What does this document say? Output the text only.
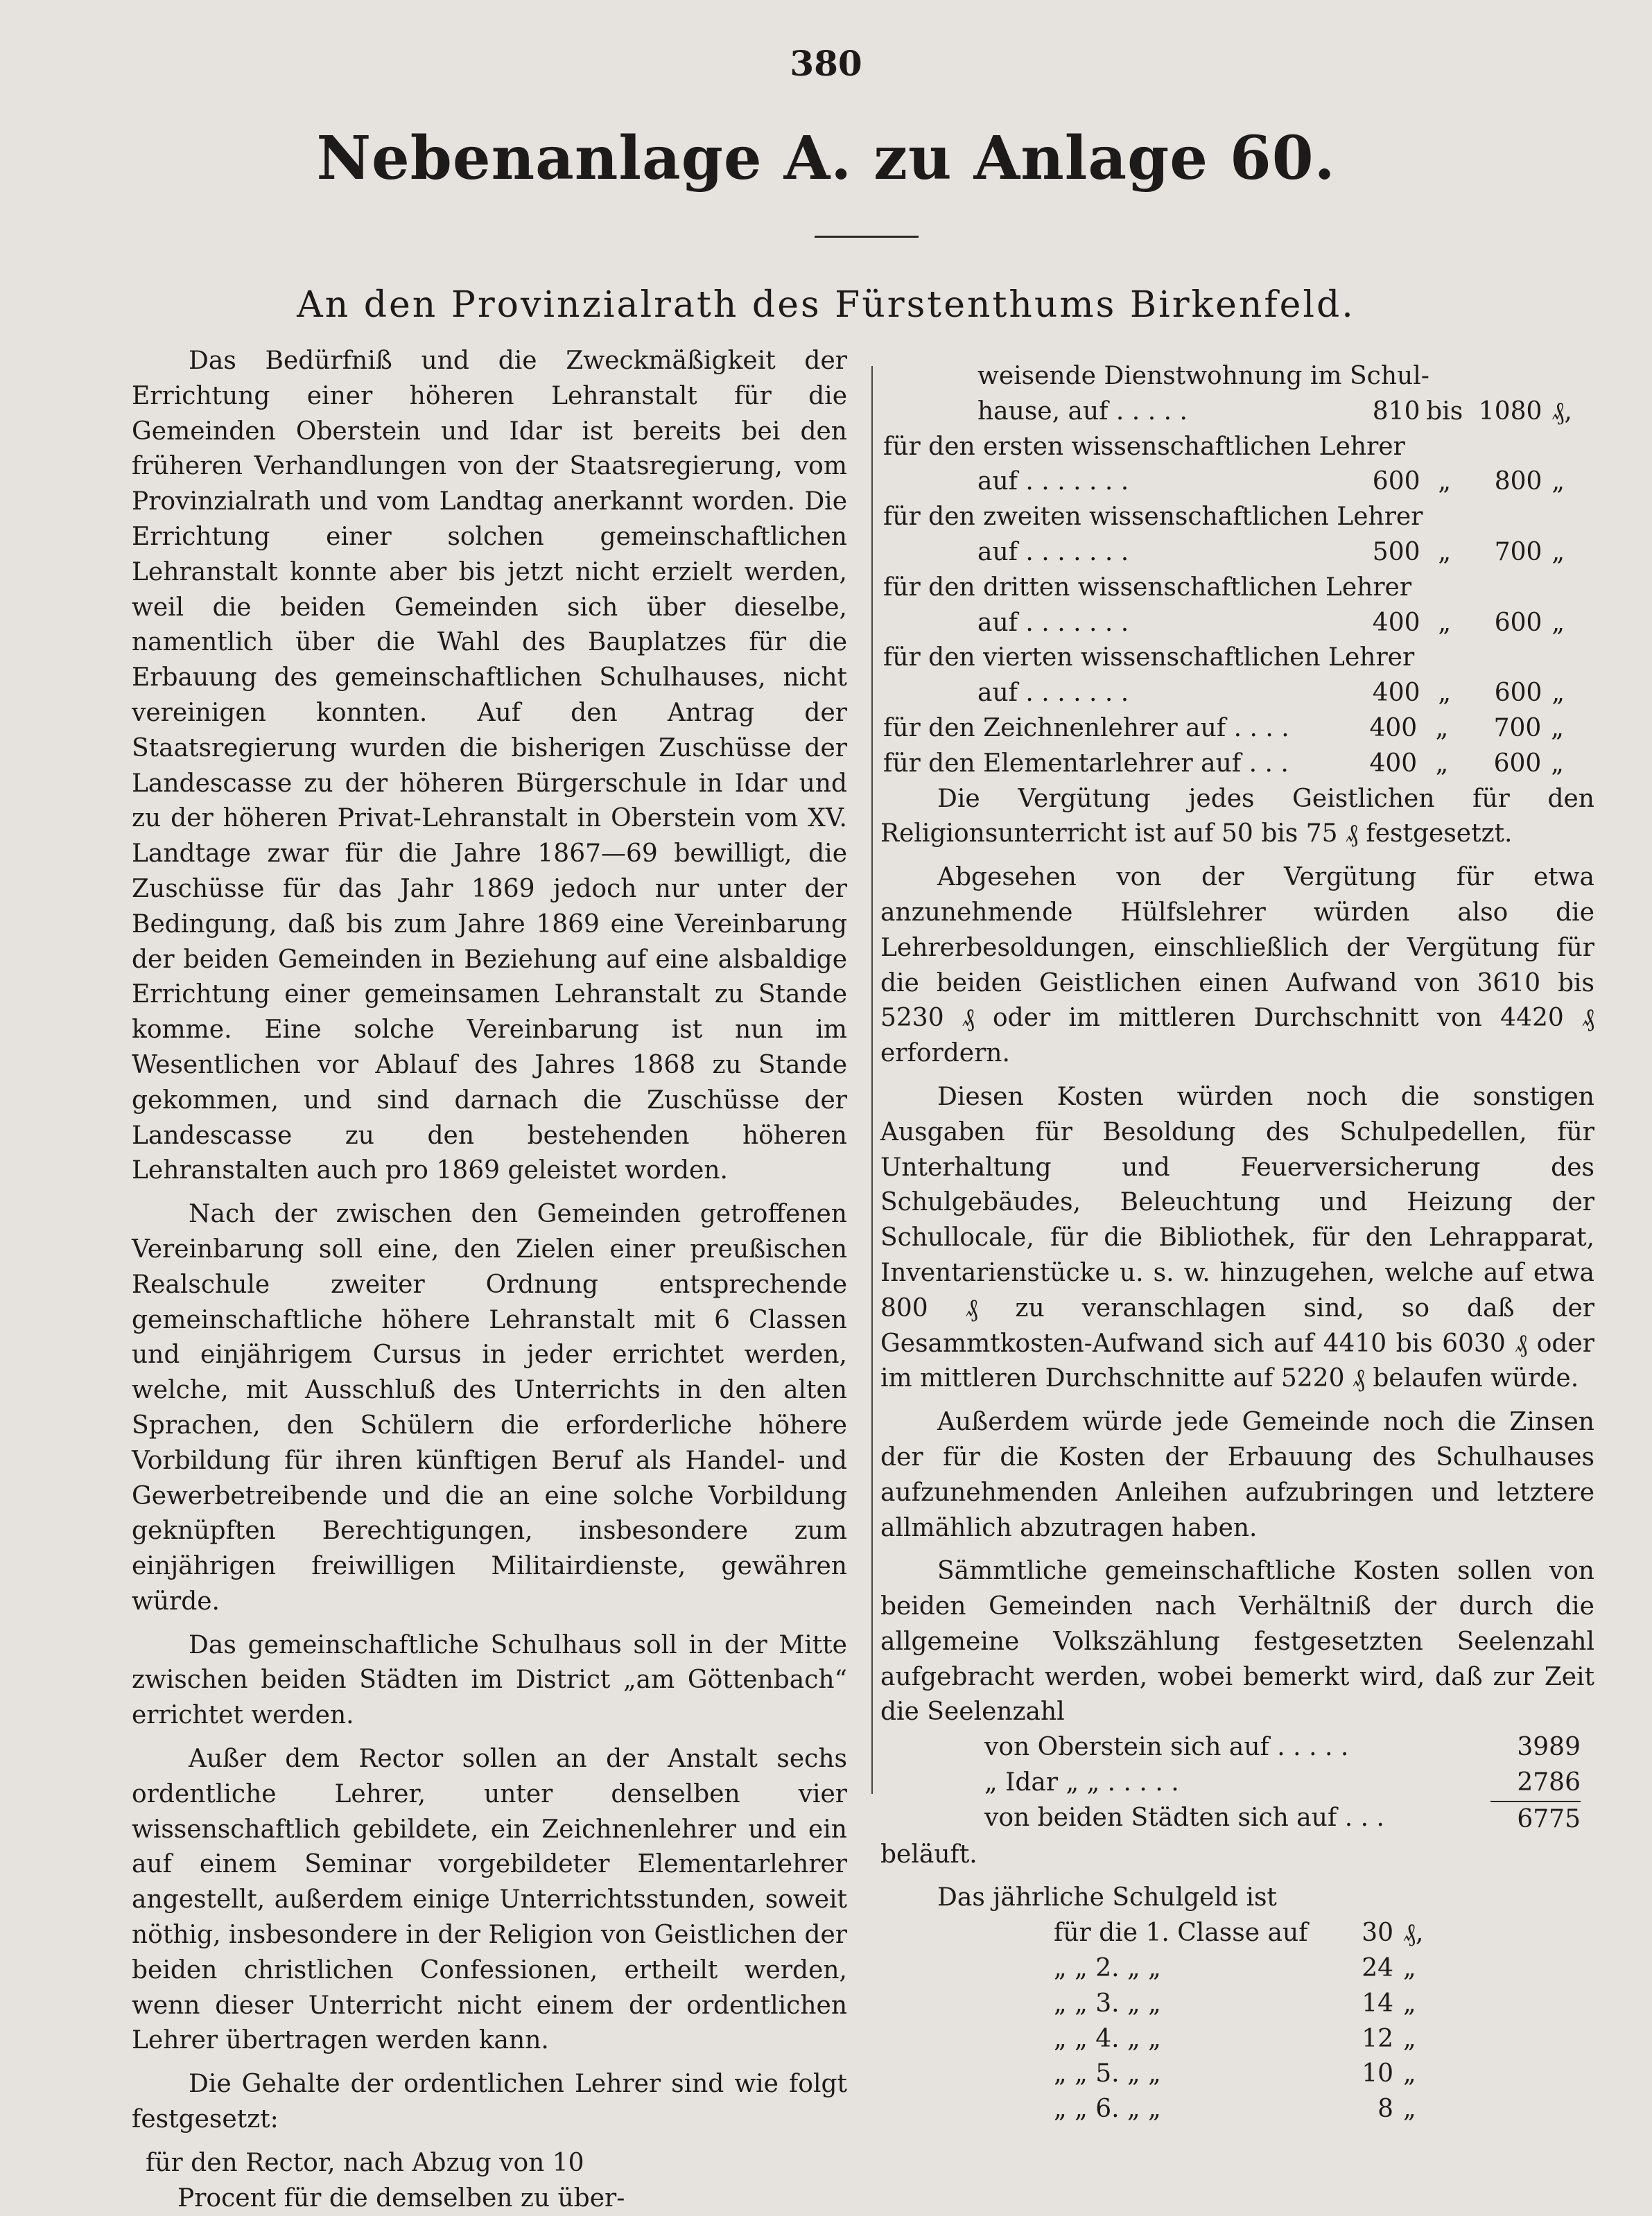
380
Nebenanlage A. zu Anlage 60.
An den Provinzialrath des Fürstenthums Birkenfeld.

Das Bedürfniß und die Zweckmäßigkeit der Errichtung einer höheren Lehranstalt für die Gemeinden Oberstein und Idar ist bereits bei den früheren Verhandlungen von der Staatsregierung, vom Provinzialrath und vom Landtag anerkannt worden. Die Errichtung einer solchen gemeinschaftlichen Lehranstalt konnte aber bis jetzt nicht erzielt werden, weil die beiden Gemeinden sich über dieselbe, namentlich über die Wahl des Bauplatzes für die Erbauung des gemeinschaftlichen Schulhauses, nicht vereinigen konnten. Auf den Antrag der Staatsregierung wurden die bisherigen Zuschüsse der Landescasse zu der höheren Bürgerschule in Idar und zu der höheren Privat-Lehranstalt in Oberstein vom XV. Landtage zwar für die Jahre 1867—69 bewilligt, die Zuschüsse für das Jahr 1869 jedoch nur unter der Bedingung, daß bis zum Jahre 1869 eine Vereinbarung der beiden Gemeinden in Beziehung auf eine alsbaldige Errichtung einer gemeinsamen Lehranstalt zu Stande komme. Eine solche Vereinbarung ist nun im Wesentlichen vor Ablauf des Jahres 1868 zu Stande gekommen, und sind darnach die Zuschüsse der Landescasse zu den bestehenden höheren Lehranstalten auch pro 1869 geleistet worden.

Nach der zwischen den Gemeinden getroffenen Vereinbarung soll eine, den Zielen einer preußischen Realschule zweiter Ordnung entsprechende gemeinschaftliche höhere Lehranstalt mit 6 Classen und einjährigem Cursus in jeder errichtet werden, welche, mit Ausschluß des Unterrichts in den alten Sprachen, den Schülern die erforderliche höhere Vorbildung für ihren künftigen Beruf als Handel- und Gewerbetreibende und die an eine solche Vorbildung geknüpften Berechtigungen, insbesondere zum einjährigen freiwilligen Militairdienste, gewähren würde.

Das gemeinschaftliche Schulhaus soll in der Mitte zwischen beiden Städten im District „am Göttenbach“ errichtet werden.

Außer dem Rector sollen an der Anstalt sechs ordentliche Lehrer, unter denselben vier wissenschaftlich gebildete, ein Zeichnenlehrer und ein auf einem Seminar vorgebildeter Elementarlehrer angestellt, außerdem einige Unterrichtsstunden, soweit nöthig, insbesondere in der Religion von Geistlichen der beiden christlichen Confessionen, ertheilt werden, wenn dieser Unterricht nicht einem der ordentlichen Lehrer übertragen werden kann.

Die Gehalte der ordentlichen Lehrer sind wie folgt festgesetzt:

für den Rector, nach Abzug von 10
Procent für die demselben zu über-
weisende Dienstwohnung im Schul-
hause, auf . . . . .	810 bis 1080 ₰,
für den ersten wissenschaftlichen Lehrer
auf . . . . . . .	600 „	800 „
für den zweiten wissenschaftlichen Lehrer
auf . . . . . . .	500 „	700 „
für den dritten wissenschaftlichen Lehrer
auf . . . . . . .	400 „	600 „
für den vierten wissenschaftlichen Lehrer
auf . . . . . . .	400 „	600 „
für den Zeichnenlehrer auf . . . .	400 „	700 „
für den Elementarlehrer auf . . .	400 „	600 „

Die Vergütung jedes Geistlichen für den Religionsunterricht ist auf 50 bis 75 ₰ festgesetzt.

Abgesehen von der Vergütung für etwa anzunehmende Hülfslehrer würden also die Lehrerbesoldungen, einschließlich der Vergütung für die beiden Geistlichen einen Aufwand von 3610 bis 5230 ₰ oder im mittleren Durchschnitt von 4420 ₰ erfordern.

Diesen Kosten würden noch die sonstigen Ausgaben für Besoldung des Schulpedellen, für Unterhaltung und Feuerversicherung des Schulgebäudes, Beleuchtung und Heizung der Schullocale, für die Bibliothek, für den Lehrapparat, Inventarienstücke u. s. w. hinzugehen, welche auf etwa 800 ₰ zu veranschlagen sind, so daß der Gesammtkosten-Aufwand sich auf 4410 bis 6030 ₰ oder im mittleren Durchschnitte auf 5220 ₰ belaufen würde.

Außerdem würde jede Gemeinde noch die Zinsen der für die Kosten der Erbauung des Schulhauses aufzunehmenden Anleihen aufzubringen und letztere allmählich abzutragen haben.

Sämmtliche gemeinschaftliche Kosten sollen von beiden Gemeinden nach Verhältniß der durch die allgemeine Volkszählung festgesetzten Seelenzahl aufgebracht werden, wobei bemerkt wird, daß zur Zeit die Seelenzahl

von Oberstein sich auf . . . . .	3989
„ Idar „ „ . . . . .	2786
von beiden Städten sich auf . . .	6775
beläuft.
Das jährliche Schulgeld ist
für die 1. Classe auf	30 ₰,
„ „ 2. „ „	24 „
„ „ 3. „ „	14 „
„ „ 4. „ „	12 „
„ „ 5. „ „	10 „
„ „ 6. „ „	8 „
